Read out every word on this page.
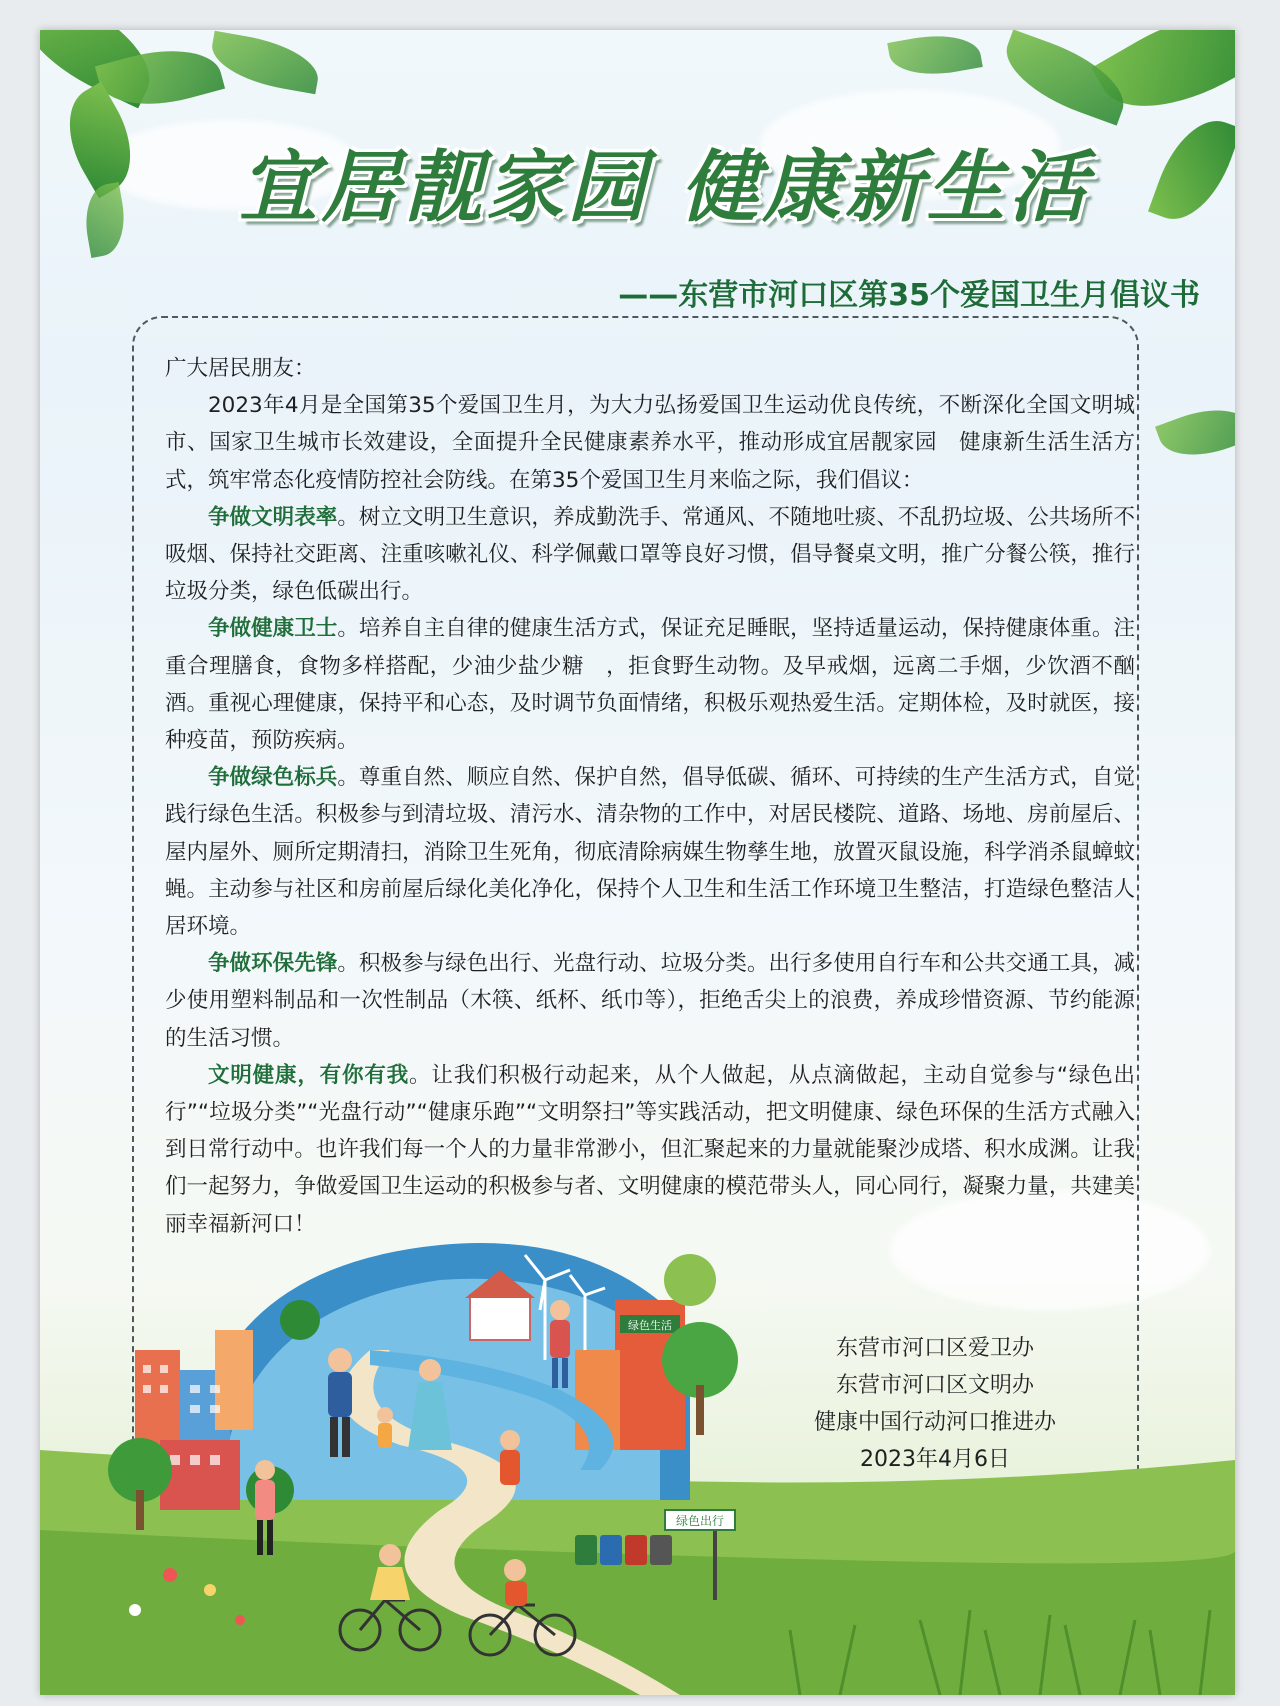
宜居靓家园 健康新生活
——东营市河口区第35个爱国卫生月倡议书

广大居民朋友：

2023年4月是全国第35个爱国卫生月，为大力弘扬爱国卫生运动优良传统，不断深化全国文明城市、国家卫生城市长效建设，全面提升全民健康素养水平，推动形成宜居靓家园　健康新生活生活方式，筑牢常态化疫情防控社会防线。在第35个爱国卫生月来临之际，我们倡议：

争做文明表率。树立文明卫生意识，养成勤洗手、常通风、不随地吐痰、不乱扔垃圾、公共场所不吸烟、保持社交距离、注重咳嗽礼仪、科学佩戴口罩等良好习惯，倡导餐桌文明，推广分餐公筷，推行垃圾分类，绿色低碳出行。

争做健康卫士。培养自主自律的健康生活方式，保证充足睡眠，坚持适量运动，保持健康体重。注重合理膳食，食物多样搭配，少油少盐少糖　，拒食野生动物。及早戒烟，远离二手烟，少饮酒不酗酒。重视心理健康，保持平和心态，及时调节负面情绪，积极乐观热爱生活。定期体检，及时就医，接种疫苗，预防疾病。

争做绿色标兵。尊重自然、顺应自然、保护自然，倡导低碳、循环、可持续的生产生活方式，自觉践行绿色生活。积极参与到清垃圾、清污水、清杂物的工作中，对居民楼院、道路、场地、房前屋后、屋内屋外、厕所定期清扫，消除卫生死角，彻底清除病媒生物孳生地，放置灭鼠设施，科学消杀鼠蟑蚊蝇。主动参与社区和房前屋后绿化美化净化，保持个人卫生和生活工作环境卫生整洁，打造绿色整洁人居环境。

争做环保先锋。积极参与绿色出行、光盘行动、垃圾分类。出行多使用自行车和公共交通工具，减少使用塑料制品和一次性制品（木筷、纸杯、纸巾等），拒绝舌尖上的浪费，养成珍惜资源、节约能源的生活习惯。

文明健康，有你有我。让我们积极行动起来，从个人做起，从点滴做起，主动自觉参与“绿色出行”“垃圾分类”“光盘行动”“健康乐跑”“文明祭扫”等实践活动，把文明健康、绿色环保的生活方式融入到日常行动中。也许我们每一个人的力量非常渺小，但汇聚起来的力量就能聚沙成塔、积水成渊。让我们一起努力，争做爱国卫生运动的积极参与者、文明健康的模范带头人，同心同行，凝聚力量，共建美丽幸福新河口！

东营市河口区爱卫办
东营市河口区文明办
健康中国行动河口推进办
2023年4月6日
绿色生活
绿色出行
